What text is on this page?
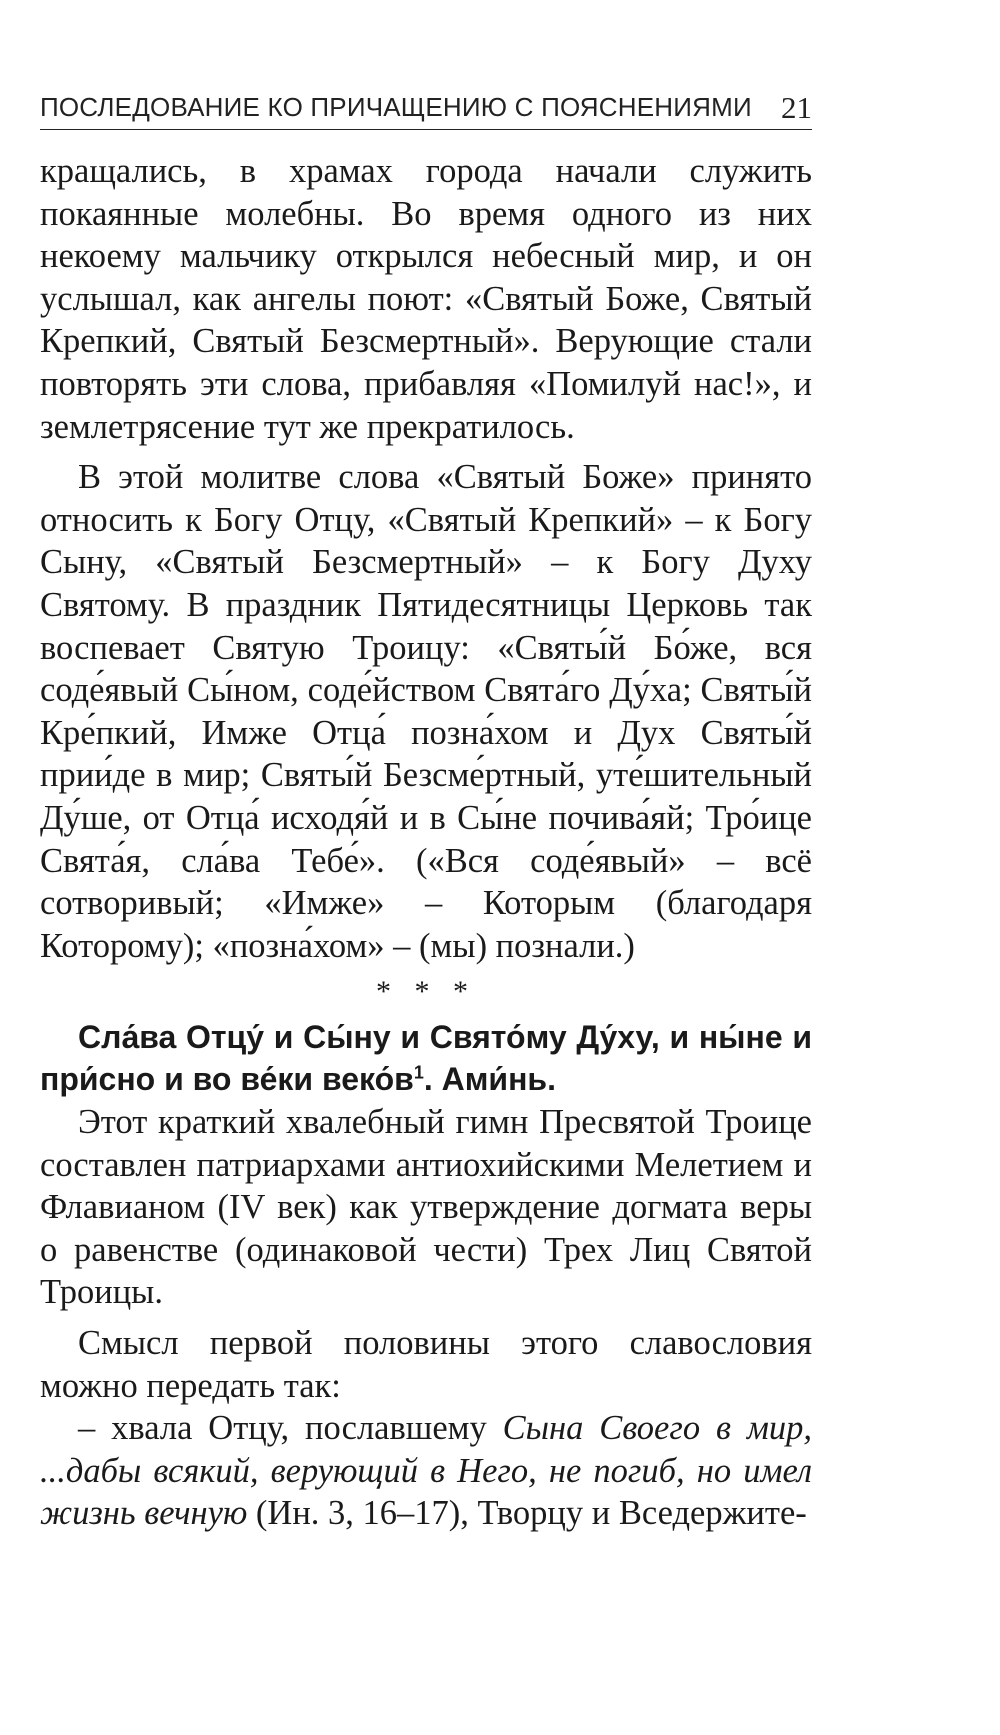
ПОСЛЕДОВАНИЕ КО ПРИЧАЩЕНИЮ С ПОЯСНЕНИЯМИ 21

кращались, в храмах города начали служить покаянные молебны. Во время одного из них некоему мальчику открылся небесный мир, и он услышал, как ангелы поют: «Святый Боже, Святый Крепкий, Святый Безсмертный». Верующие стали повторять эти слова, прибавляя «Помилуй нас!», и землетрясение тут же прекратилось.

В этой молитве слова «Святый Боже» принято относить к Богу Отцу, «Святый Крепкий» – к Богу Сыну, «Святый Безсмертный» – к Богу Духу Святому. В праздник Пятидесятницы Церковь так воспевает Святую Троицу: «Святы́й Бо́же, вся соде́явый Сы́ном, соде́йством Свята́го Ду́ха; Святы́й Кре́пкий, Имже Отца́ позна́хом и Дух Святы́й прии́де в мир; Святы́й Безсме́ртный, уте́шительный Ду́ше, от Отца́ исходя́й и в Сы́не почива́яй; Тро́ице Свята́я, сла́ва Тебе́». («Вся соде́явый» – всё сотворивый; «Имже» – Которым (благодаря Которому); «позна́хом» – (мы) познали.)

* * *

Сла́ва Отцу́ и Сы́ну и Свято́му Ду́ху, и ны́не и при́сно и во ве́ки $веко́в^1$. Ами́нь.

Этот краткий хвалебный гимн Пресвятой Троице составлен патриархами антиохийскими Мелетием и Флавианом (IV век) как утверждение догмата веры о равенстве (одинаковой чести) Трех Лиц Святой Троицы.

Смысл первой половины этого славословия можно передать так:

– хвала Отцу, пославшему Сына Своего в мир, ...дабы всякий, верующий в Него, не погиб, но имел жизнь вечную (Ин. 3, 16–17), Творцу и Вседержите-
